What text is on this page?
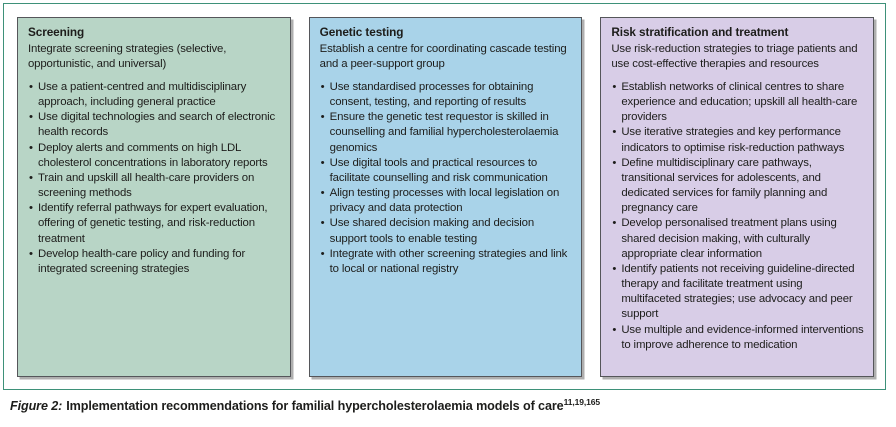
Screening

Integrate screening strategies (selective, opportunistic, and universal)

• Use a patient-centred and multidisciplinary approach, including general practice
• Use digital technologies and search of electronic health records
• Deploy alerts and comments on high LDL cholesterol concentrations in laboratory reports
• Train and upskill all health-care providers on screening methods
• Identify referral pathways for expert evaluation, offering of genetic testing, and risk-reduction treatment
• Develop health-care policy and funding for integrated screening strategies
Genetic testing

Establish a centre for coordinating cascade testing and a peer-support group

• Use standardised processes for obtaining consent, testing, and reporting of results
• Ensure the genetic test requestor is skilled in counselling and familial hypercholesterolaemia genomics
• Use digital tools and practical resources to facilitate counselling and risk communication
• Align testing processes with local legislation on privacy and data protection
• Use shared decision making and decision support tools to enable testing
• Integrate with other screening strategies and link to local or national registry
Risk stratification and treatment

Use risk-reduction strategies to triage patients and use cost-effective therapies and resources

• Establish networks of clinical centres to share experience and education; upskill all health-care providers
• Use iterative strategies and key performance indicators to optimise risk-reduction pathways
• Define multidisciplinary care pathways, transitional services for adolescents, and dedicated services for family planning and pregnancy care
• Develop personalised treatment plans using shared decision making, with culturally appropriate clear information
• Identify patients not receiving guideline-directed therapy and facilitate treatment using multifaceted strategies; use advocacy and peer support
• Use multiple and evidence-informed interventions to improve adherence to medication

Figure 2: Implementation recommendations for familial hypercholesterolaemia models of care$^{11,19,165}$
